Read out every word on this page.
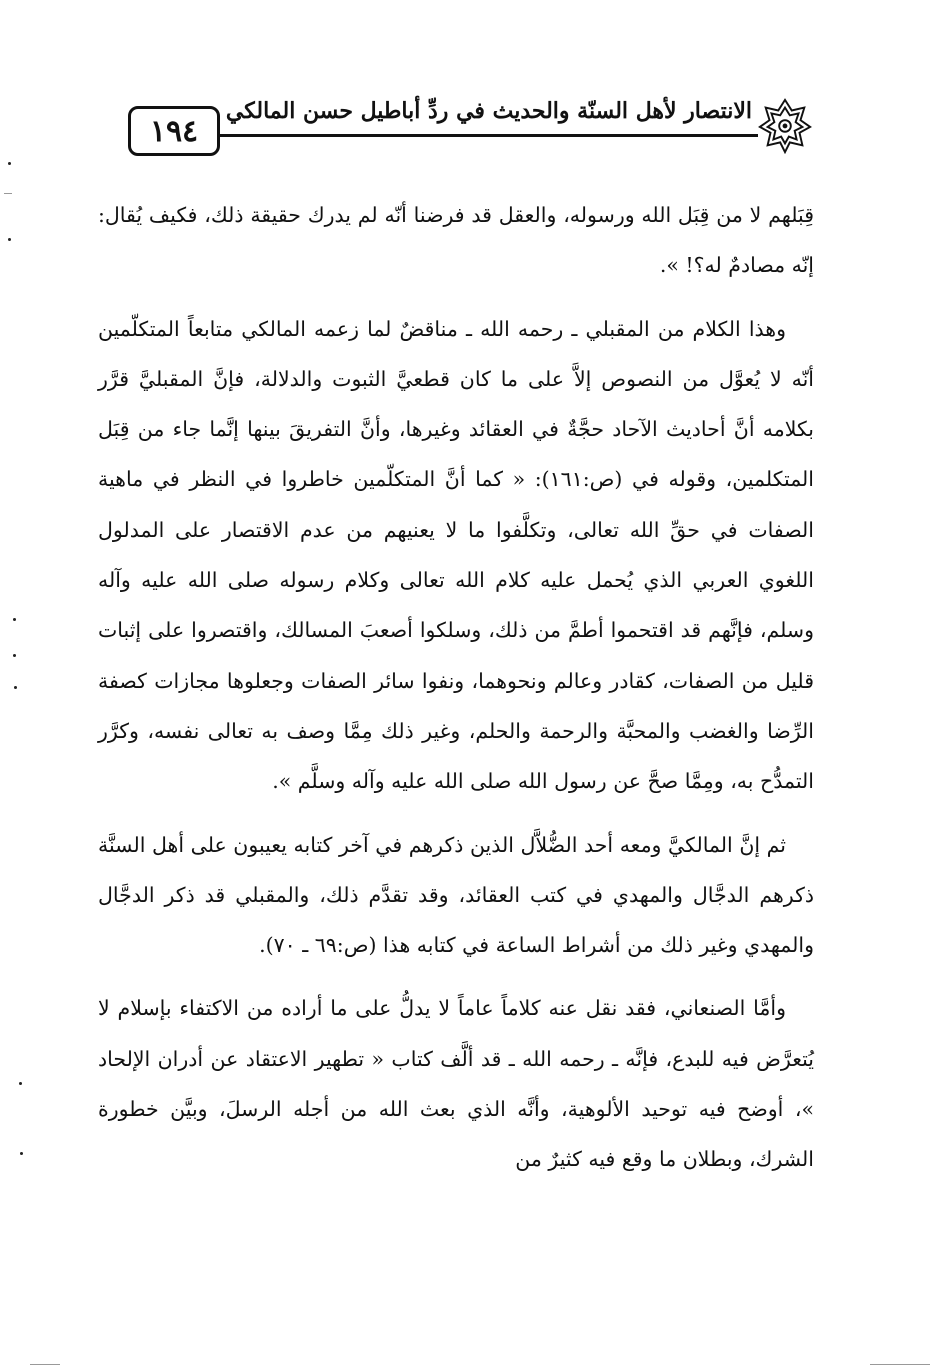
الانتصار لأهل السنّة والحديث في ردِّ أباطيل حسن المالكي
١٩٤

قِبَلهم لا من قِبَل الله ورسوله، والعقل قد فرضنا أنّه لم يدرك حقيقة ذلك، فكيف يُقال: إنّه مصادمٌ له؟! ».

وهذا الكلام من المقبلي ـ رحمه الله ـ مناقضٌ لما زعمه المالكي متابعاً المتكلّمين أنّه لا يُعوَّل من النصوص إلاَّ على ما كان قطعيَّ الثبوت والدلالة، فإنَّ المقبليَّ قرَّر بكلامه أنَّ أحاديث الآحاد حجَّةٌ في العقائد وغيرها، وأنَّ التفريقَ بينها إنَّما جاء من قِبَل المتكلمين، وقوله في (ص:١٦١): « كما أنَّ المتكلّمين خاطروا في النظر في ماهية الصفات في حقِّ الله تعالى، وتكلَّفوا ما لا يعنيهم من عدم الاقتصار على المدلول اللغوي العربي الذي يُحمل عليه كلام الله تعالى وكلام رسوله صلى الله عليه وآله وسلم، فإنَّهم قد اقتحموا أطمَّ من ذلك، وسلكوا أصعبَ المسالك، واقتصروا على إثبات قليل من الصفات، كقادر وعالم ونحوهما، ونفوا سائر الصفات وجعلوها مجازات كصفة الرِّضا والغضب والمحبَّة والرحمة والحلم، وغير ذلك مِمَّا وصف به تعالى نفسه، وكرَّر التمدُّح به، ومِمَّا صحَّ عن رسول الله صلى الله عليه وآله وسلَّم ».

ثم إنَّ المالكيَّ ومعه أحد الضُّلاَّل الذين ذكرهم في آخر كتابه يعيبون على أهل السنَّة ذكرهم الدجَّال والمهدي في كتب العقائد، وقد تقدَّم ذلك، والمقبلي قد ذكر الدجَّال والمهدي وغير ذلك من أشراط الساعة في كتابه هذا (ص:٦٩ ـ ٧٠).

وأمَّا الصنعاني، فقد نقل عنه كلاماً عاماً لا يدلُّ على ما أراده من الاكتفاء بإسلام لا يُتعرَّض فيه للبدع، فإنَّه ـ رحمه الله ـ قد ألَّف كتاب « تطهير الاعتقاد عن أدران الإلحاد »، أوضح فيه توحيد الألوهية، وأنَّه الذي بعث الله من أجله الرسلَ، وبيَّن خطورة الشرك، وبطلان ما وقع فيه كثيرٌ من
